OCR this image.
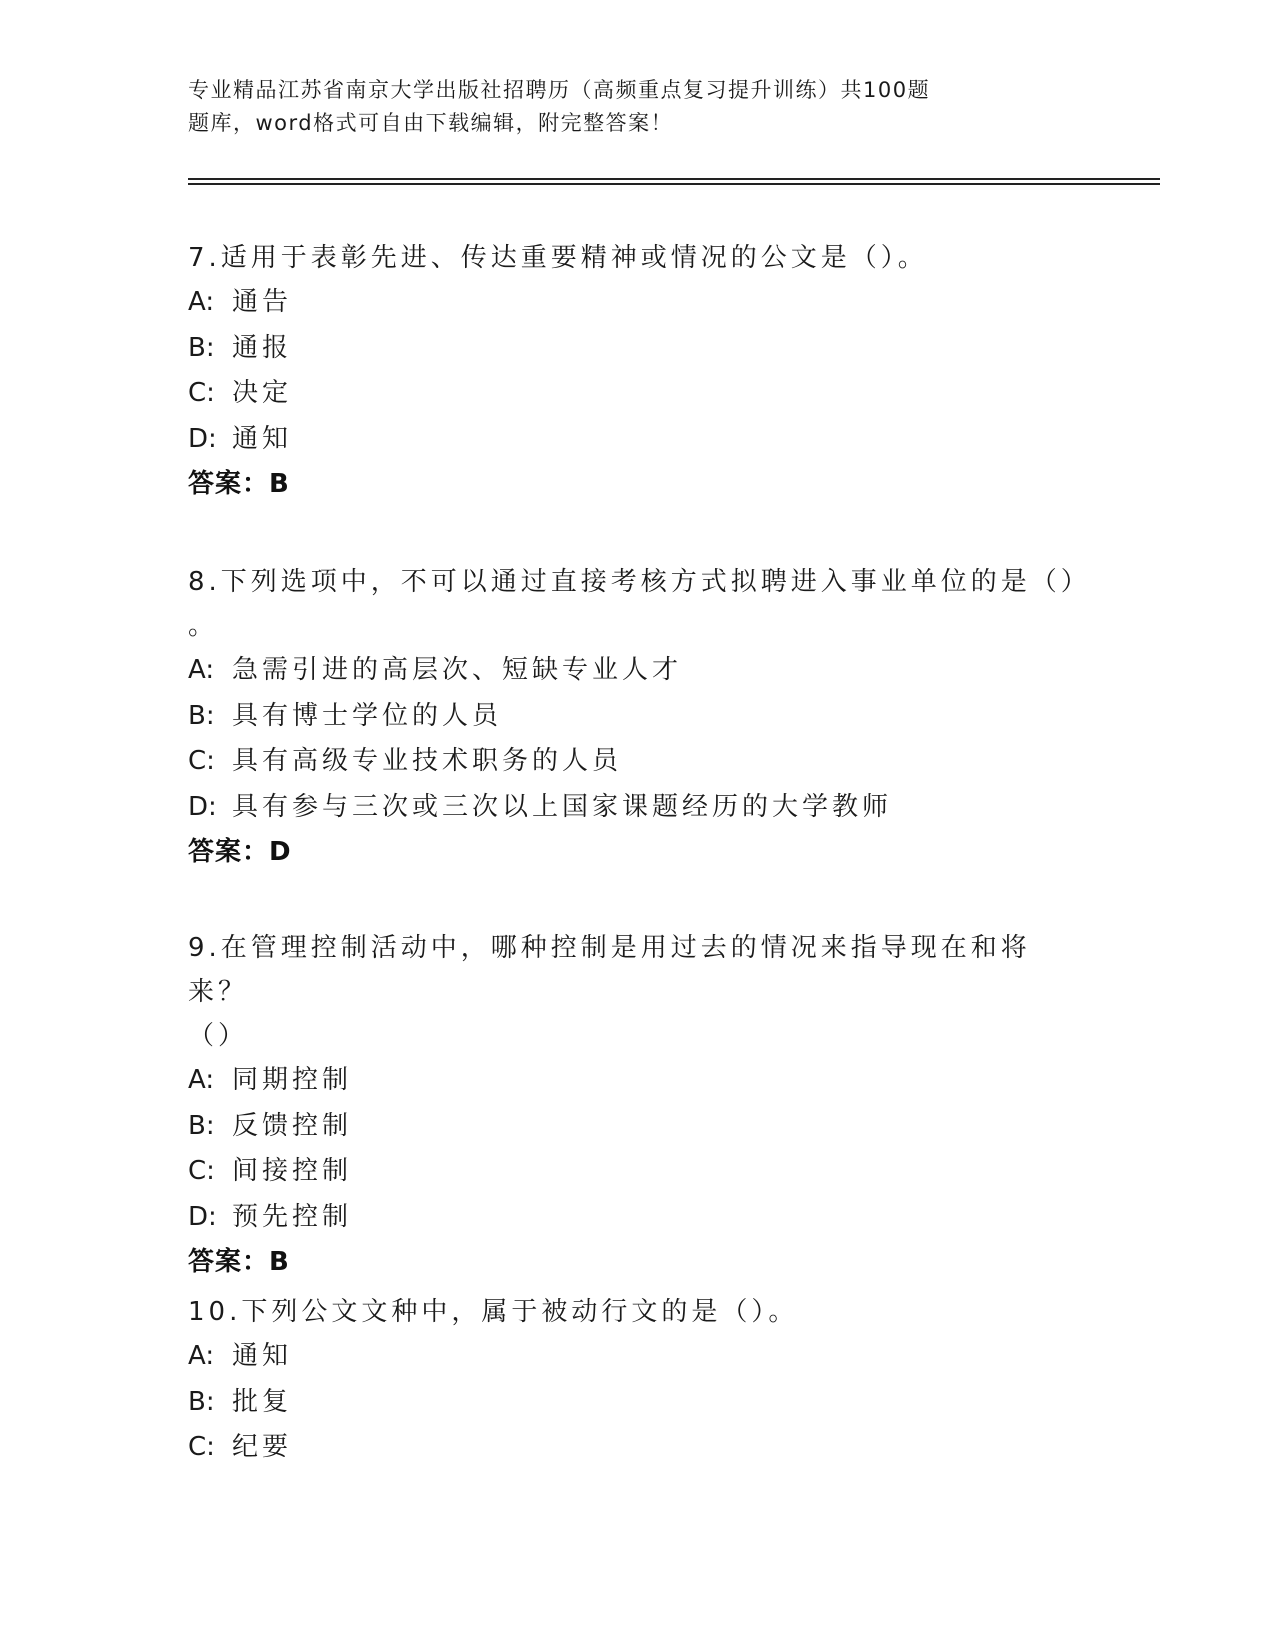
专业精品江苏省南京大学出版社招聘历（高频重点复习提升训练）共100题
题库，word格式可自由下载编辑，附完整答案！

7.适用于表彰先进、传达重要精神或情况的公文是（）。

A: 通告

B: 通报

C: 决定

D: 通知

答案：B

8.下列选项中，不可以通过直接考核方式拟聘进入事业单位的是（）

。

A: 急需引进的高层次、短缺专业人才

B: 具有博士学位的人员

C: 具有高级专业技术职务的人员

D: 具有参与三次或三次以上国家课题经历的大学教师

答案：D

9.在管理控制活动中，哪种控制是用过去的情况来指导现在和将来？

（）

A: 同期控制

B: 反馈控制

C: 间接控制

D: 预先控制

答案：B

10.下列公文文种中，属于被动行文的是（）。

A: 通知

B: 批复

C: 纪要
